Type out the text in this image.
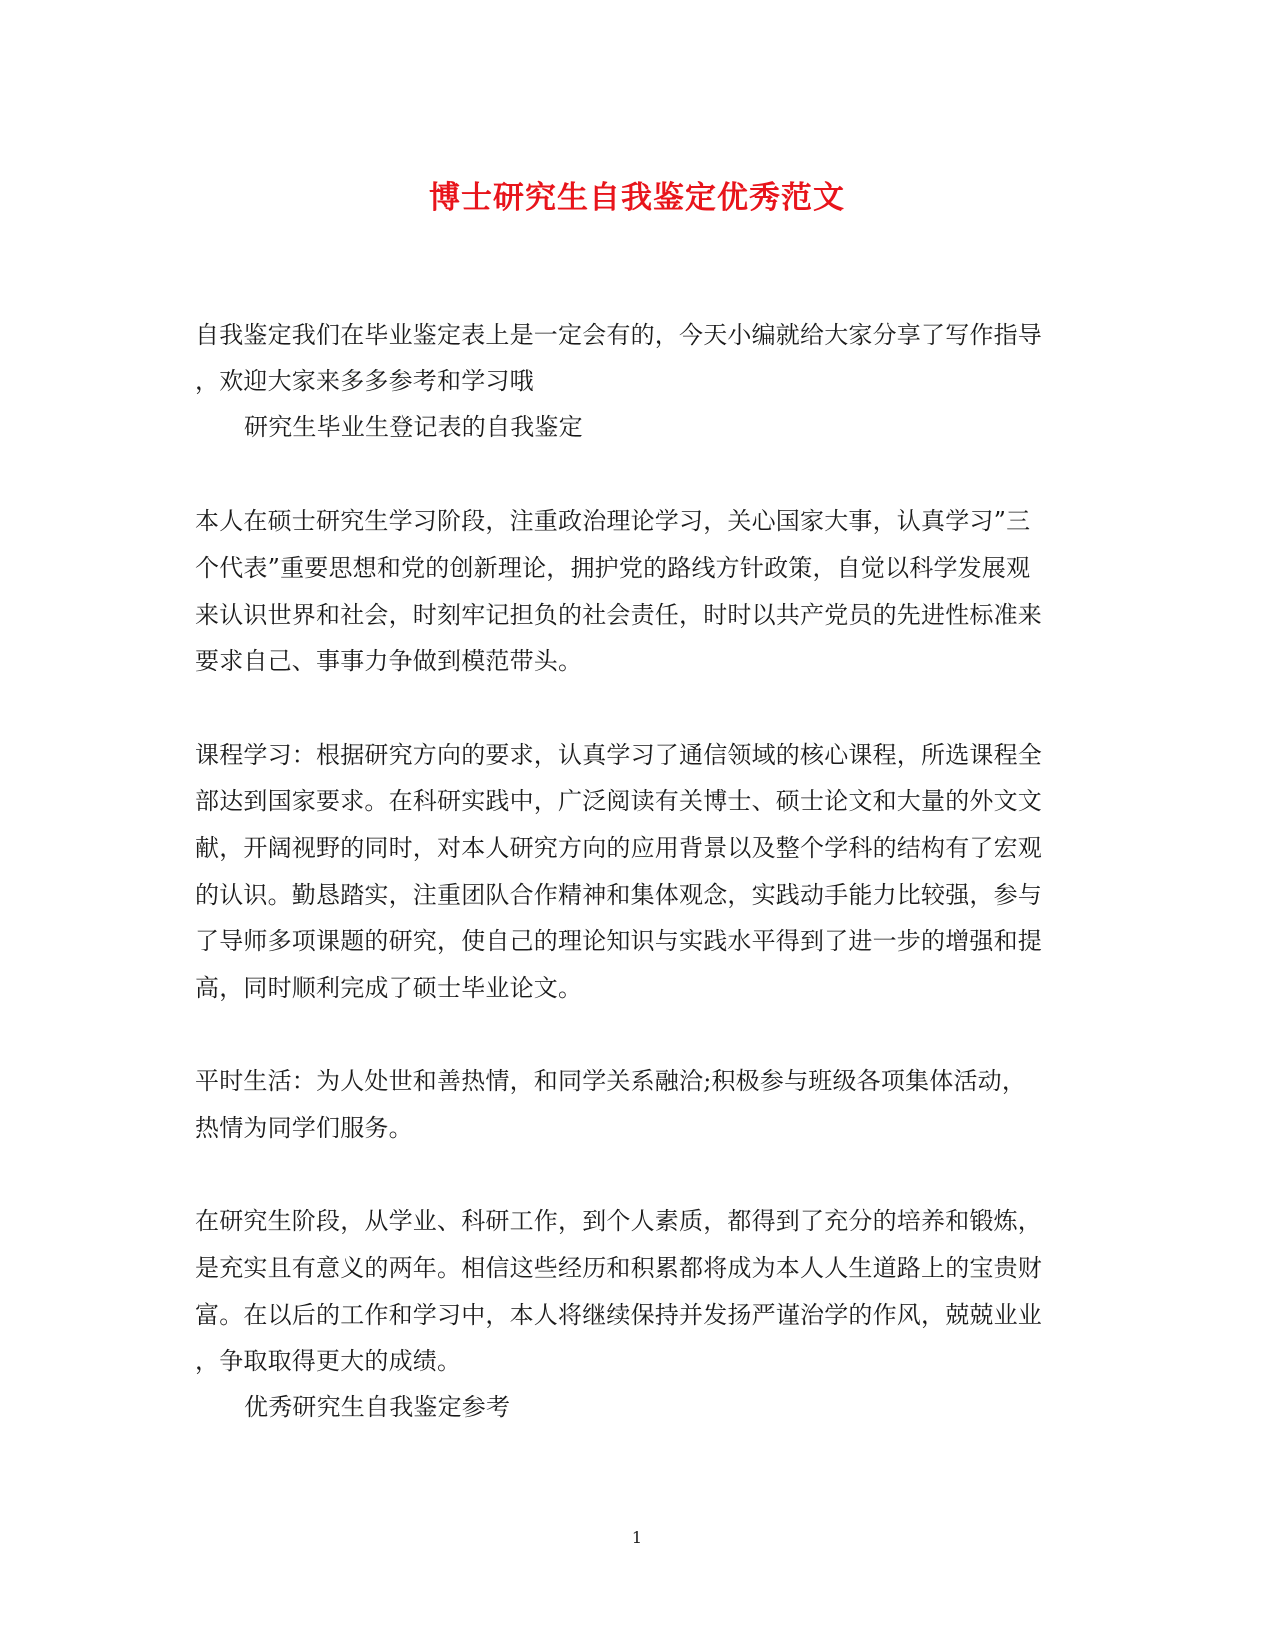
博士研究生自我鉴定优秀范文
自我鉴定我们在毕业鉴定表上是一定会有的，今天小编就给大家分享了写作指导
，欢迎大家来多多参考和学习哦
研究生毕业生登记表的自我鉴定
本人在硕士研究生学习阶段，注重政治理论学习，关心国家大事，认真学习”三
个代表”重要思想和党的创新理论，拥护党的路线方针政策，自觉以科学发展观
来认识世界和社会，时刻牢记担负的社会责任，时时以共产党员的先进性标准来
要求自己、事事力争做到模范带头。
课程学习：根据研究方向的要求，认真学习了通信领域的核心课程，所选课程全
部达到国家要求。在科研实践中，广泛阅读有关博士、硕士论文和大量的外文文
献，开阔视野的同时，对本人研究方向的应用背景以及整个学科的结构有了宏观
的认识。勤恳踏实，注重团队合作精神和集体观念，实践动手能力比较强，参与
了导师多项课题的研究，使自己的理论知识与实践水平得到了进一步的增强和提
高，同时顺利完成了硕士毕业论文。
平时生活：为人处世和善热情，和同学关系融洽;积极参与班级各项集体活动，
热情为同学们服务。
在研究生阶段，从学业、科研工作，到个人素质，都得到了充分的培养和锻炼，
是充实且有意义的两年。相信这些经历和积累都将成为本人人生道路上的宝贵财
富。在以后的工作和学习中，本人将继续保持并发扬严谨治学的作风，兢兢业业
，争取取得更大的成绩。
优秀研究生自我鉴定参考
1
